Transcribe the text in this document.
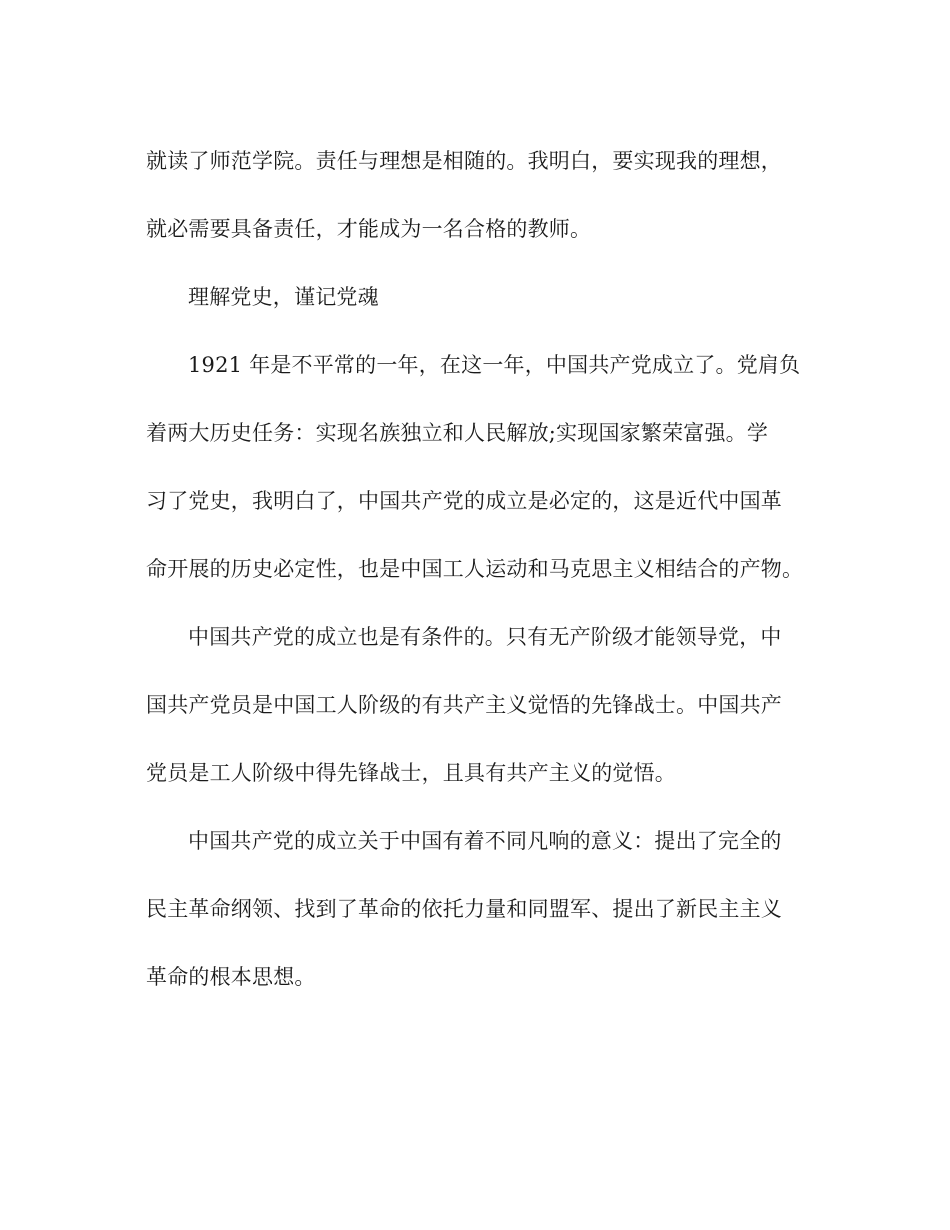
就读了师范学院。责任与理想是相随的。我明白，要实现我的理想，
就必需要具备责任，才能成为一名合格的教师。
理解党史，谨记党魂
1921 年是不平常的一年，在这一年，中国共产党成立了。党肩负
着两大历史任务：实现名族独立和人民解放;实现国家繁荣富强。学
习了党史，我明白了，中国共产党的成立是必定的，这是近代中国革
命开展的历史必定性，也是中国工人运动和马克思主义相结合的产物。
中国共产党的成立也是有条件的。只有无产阶级才能领导党，中
国共产党员是中国工人阶级的有共产主义觉悟的先锋战士。中国共产
党员是工人阶级中得先锋战士，且具有共产主义的觉悟。
中国共产党的成立关于中国有着不同凡响的意义：提出了完全的
民主革命纲领、找到了革命的依托力量和同盟军、提出了新民主主义
革命的根本思想。
